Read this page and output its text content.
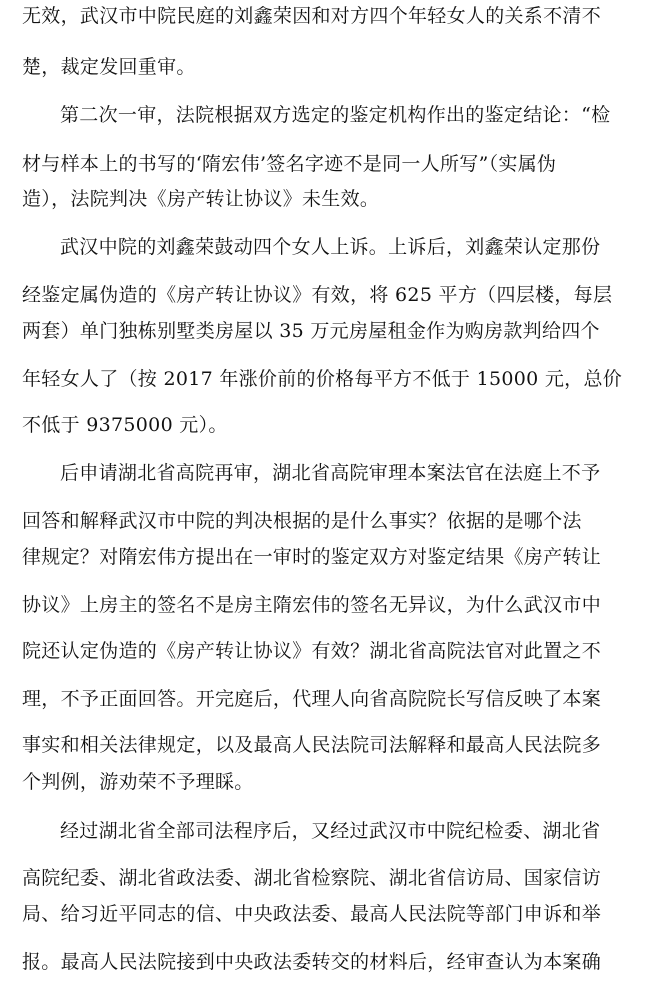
无效，武汉市中院民庭的刘鑫荣因和对方四个年轻女人的关系不清不
楚，裁定发回重审。
第二次一审，法院根据双方选定的鉴定机构作出的鉴定结论：“检
材与样本上的书写的‘隋宏伟’签名字迹不是同一人所写”（实属伪
造），法院判决《房产转让协议》未生效。
武汉中院的刘鑫荣鼓动四个女人上诉。上诉后，刘鑫荣认定那份
经鉴定属伪造的《房产转让协议》有效，将 625 平方（四层楼，每层
两套）单门独栋别墅类房屋以 35 万元房屋租金作为购房款判给四个
年轻女人了（按 2017 年涨价前的价格每平方不低于 15000 元，总价
不低于 9375000 元）。
后申请湖北省高院再审，湖北省高院审理本案法官在法庭上不予
回答和解释武汉市中院的判决根据的是什么事实？依据的是哪个法
律规定？对隋宏伟方提出在一审时的鉴定双方对鉴定结果《房产转让
协议》上房主的签名不是房主隋宏伟的签名无异议，为什么武汉市中
院还认定伪造的《房产转让协议》有效？湖北省高院法官对此置之不
理，不予正面回答。开完庭后，代理人向省高院院长写信反映了本案
事实和相关法律规定，以及最高人民法院司法解释和最高人民法院多
个判例，游劝荣不予理睬。
经过湖北省全部司法程序后，又经过武汉市中院纪检委、湖北省
高院纪委、湖北省政法委、湖北省检察院、湖北省信访局、国家信访
局、给习近平同志的信、中央政法委、最高人民法院等部门申诉和举
报。最高人民法院接到中央政法委转交的材料后，经审查认为本案确
